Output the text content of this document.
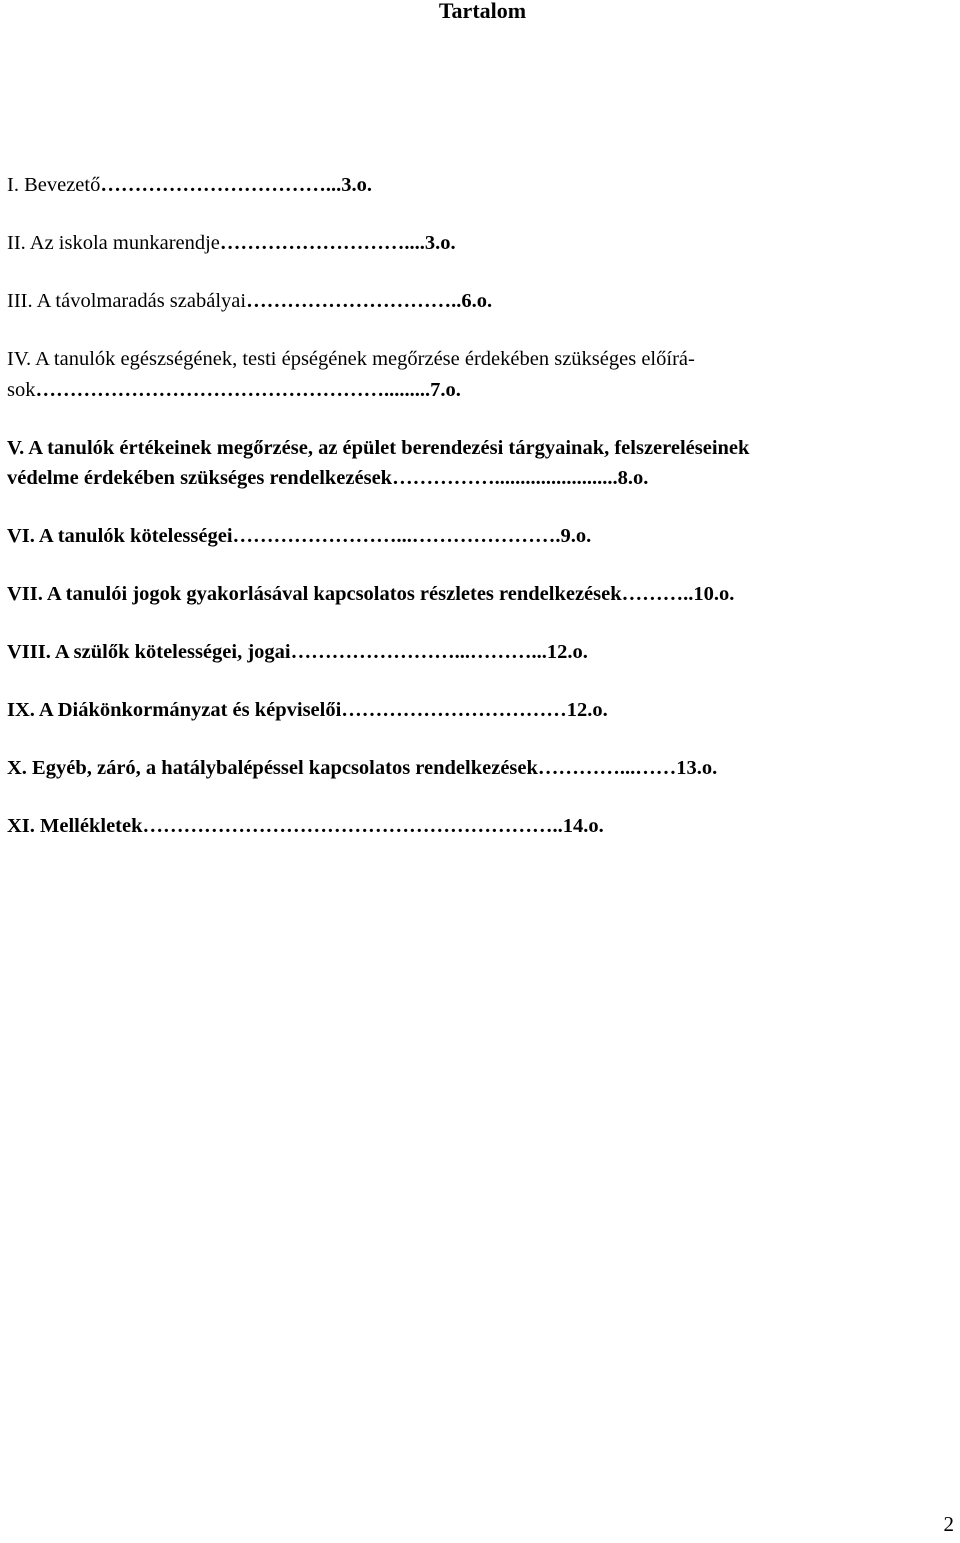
Tartalom
I. Bevezető……………………………...3.o.
II. Az iskola munkarendje………………………....3.o.
III. A távolmaradás szabályai…………………………..6.o.
IV. A tanulók egészségének, testi épségének megőrzése érdekében szükséges előírá-
sok…………………………………………….........7.o.
V. A tanulók értékeinek megőrzése, az épület berendezési tárgyainak, felszereléseinek
védelme érdekében szükséges rendelkezések……………........................8.o.
VI. A tanulók kötelességei……………………...………………….9.o.
VII. A tanulói jogok gyakorlásával kapcsolatos részletes rendelkezések………..10.o.
VIII. A szülők kötelességei, jogai……………………...………...12.o.
IX. A Diákönkormányzat és képviselői……………………………12.o.
X. Egyéb, záró, a hatálybalépéssel kapcsolatos rendelkezések…………...……13.o.
XI. Mellékletek……………………………………………………..14.o.
2
